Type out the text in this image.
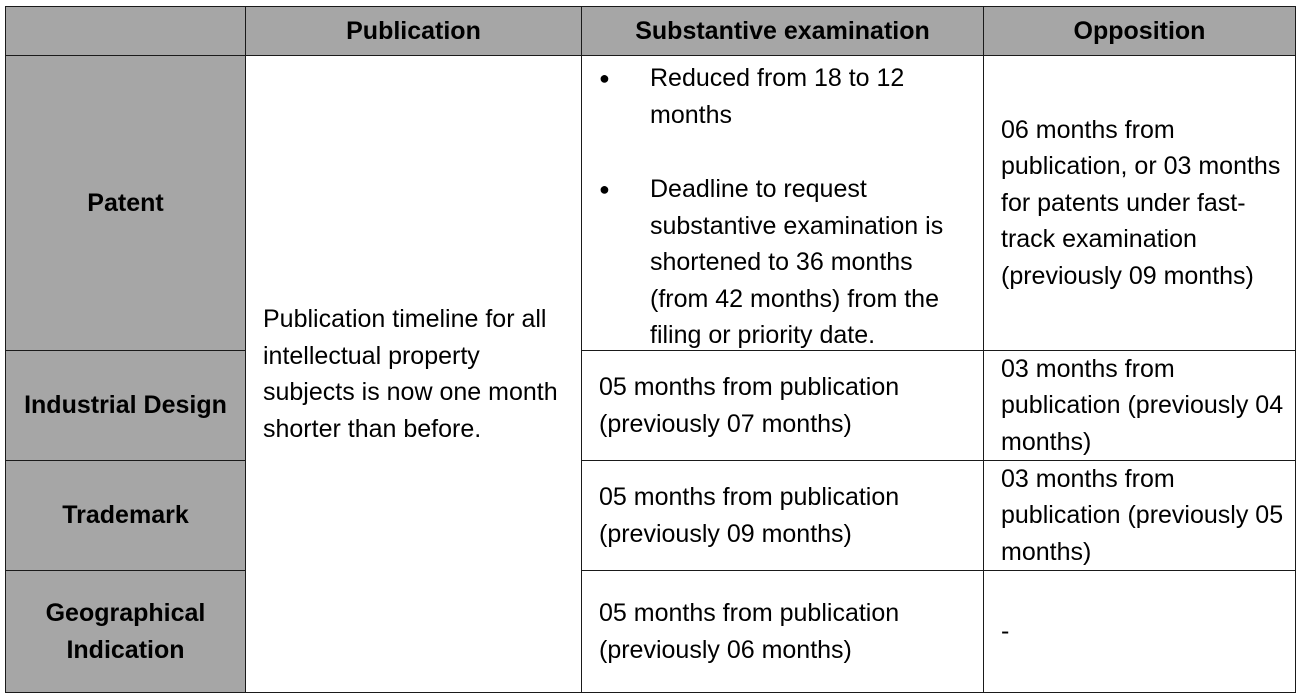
Publication	Substantive examination	Opposition
Patent
Industrial Design
Trademark
Geographical Indication
Publication timeline for all intellectual property subjects is now one month shorter than before.
● Reduced from 18 to 12 months
● Deadline to request substantive examination is shortened to 36 months (from 42 months) from the filing or priority date.
05 months from publication (previously 07 months)
05 months from publication (previously 09 months)
05 months from publication (previously 06 months)
06 months from publication, or 03 months for patents under fast-track examination (previously 09 months)
03 months from publication (previously 04 months)
03 months from publication (previously 05 months)
-
